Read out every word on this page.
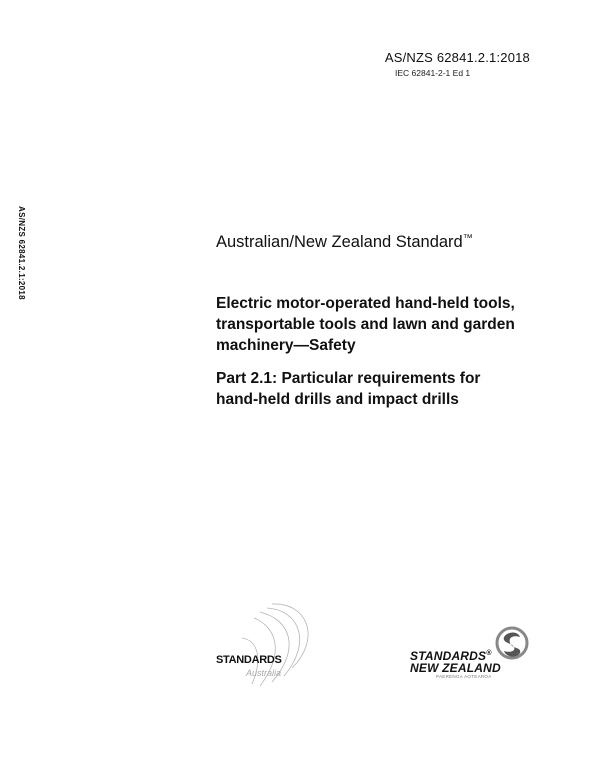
AS/NZS 62841.2.1:2018
IEC 62841-2-1 Ed 1
AS/NZS 62841.2.1:2018	Australian/New Zealand Standard™
Electric motor-operated hand-held tools,
transportable tools and lawn and garden
machinery—Safety
Part 2.1: Particular requirements for
hand-held drills and impact drills
STANDARDS
Australia
STANDARDS®
NEW ZEALAND
PAERENGA AOTEAROA
